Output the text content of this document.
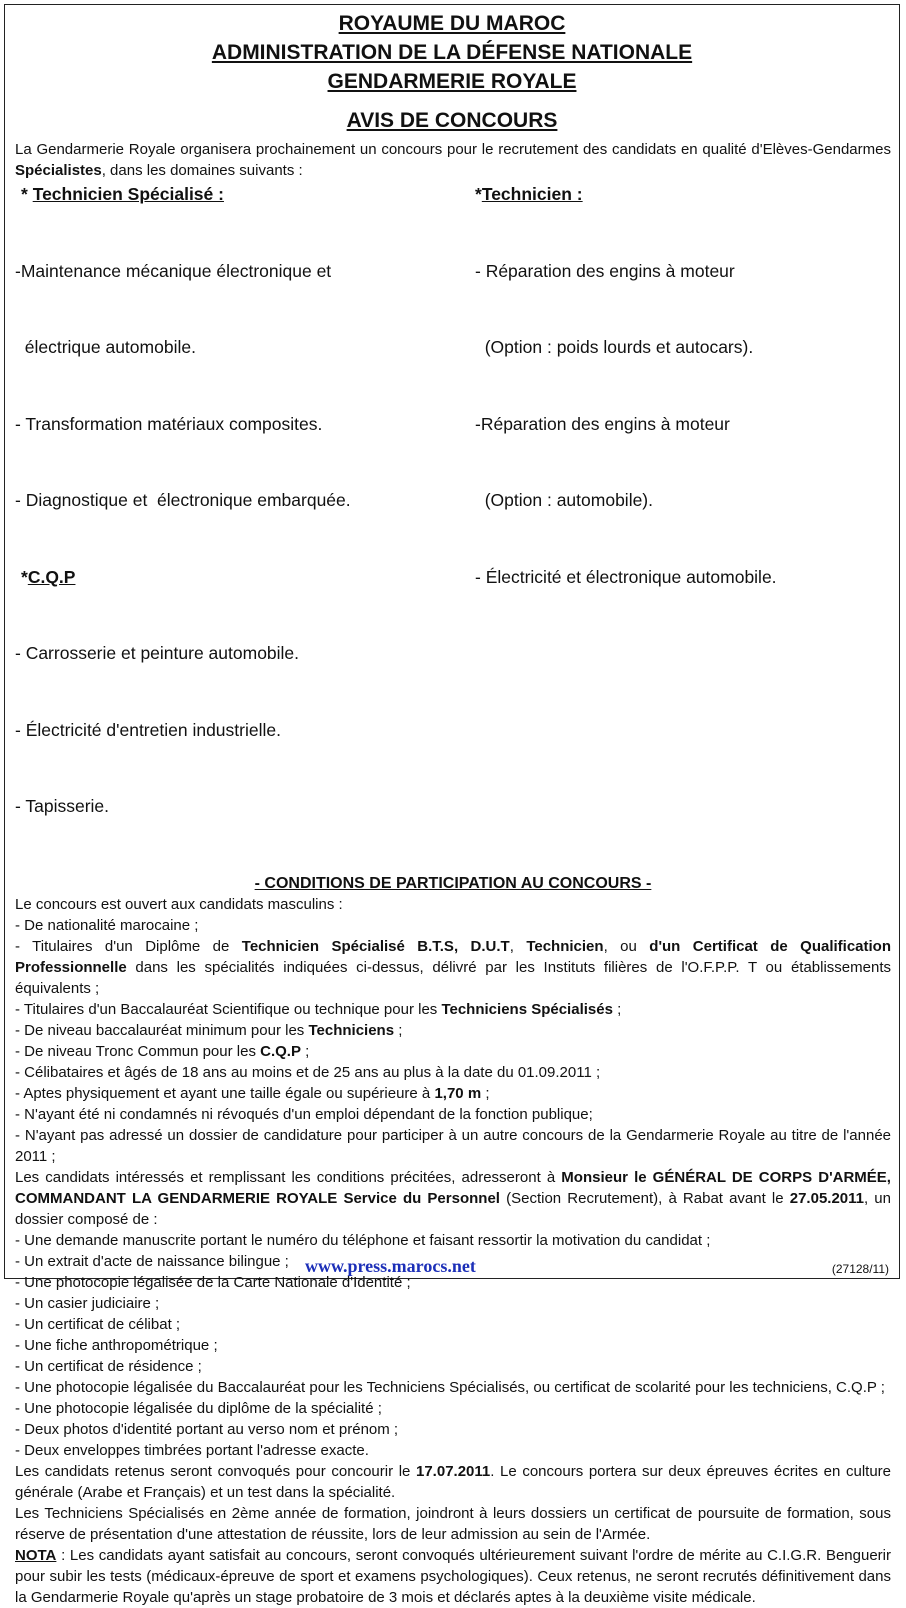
ROYAUME DU MAROC
ADMINISTRATION DE LA DÉFENSE NATIONALE
GENDARMERIE ROYALE
AVIS DE CONCOURS
La Gendarmerie Royale organisera prochainement un concours pour le recrutement des candidats en qualité d'Elèves-Gendarmes Spécialistes, dans les domaines suivants :
* Technicien Spécialisé :

-Maintenance mécanique électronique et

électrique automobile.

- Transformation matériaux composites.

- Diagnostique et  électronique embarquée.

*C.Q.P

- Carrosserie et peinture automobile.

- Électricité d'entretien industrielle.

- Tapisserie.

*Technicien :

- Réparation des engins à moteur

(Option : poids lourds et autocars).

-Réparation des engins à moteur

(Option : automobile).

- Électricité et électronique automobile.

- CONDITIONS DE PARTICIPATION AU CONCOURS -
Le concours est ouvert aux candidats masculins :
- De nationalité marocaine ;
- Titulaires d'un Diplôme de Technicien Spécialisé B.T.S, D.U.T, Technicien, ou d'un Certificat de Qualification Professionnelle dans les spécialités indiquées ci-dessus, délivré par les Instituts filières de l'O.F.P.P. T ou établissements équivalents ;
- Titulaires d'un Baccalauréat Scientifique ou technique pour les Techniciens Spécialisés ;
- De niveau baccalauréat minimum pour les Techniciens ;
- De niveau Tronc Commun pour les C.Q.P ;
- Célibataires et âgés de 18 ans au moins et de 25 ans au plus à la date du 01.09.2011 ;
- Aptes physiquement et ayant une taille égale ou supérieure à 1,70 m ;
- N'ayant été ni condamnés ni révoqués d'un emploi dépendant de la fonction publique;
- N'ayant pas adressé un dossier de candidature pour participer à un autre concours de la Gendarmerie Royale au titre de l'année 2011 ;
Les candidats intéressés et remplissant les conditions précitées, adresseront à Monsieur le GÉNÉRAL DE CORPS D'ARMÉE, COMMANDANT LA GENDARMERIE ROYALE Service du Personnel (Section Recrutement), à Rabat avant le 27.05.2011, un dossier composé de :
- Une demande manuscrite portant le numéro du téléphone et faisant ressortir la motivation du candidat ;
- Un extrait d'acte de naissance bilingue ;
- Une photocopie légalisée de la Carte Nationale d'Identité ;
- Un casier judiciaire ;
- Un certificat de célibat ;
- Une fiche anthropométrique ;
- Un certificat de résidence ;
- Une photocopie légalisée du Baccalauréat pour les Techniciens Spécialisés, ou certificat de scolarité pour les techniciens, C.Q.P ;
- Une photocopie légalisée du diplôme de la spécialité ;
- Deux photos d'identité portant au verso nom et prénom ;
- Deux enveloppes timbrées portant l'adresse exacte.
Les candidats retenus seront convoqués pour concourir le 17.07.2011. Le concours portera sur deux épreuves écrites en culture générale (Arabe et Français) et un test dans la spécialité.
Les Techniciens Spécialisés en 2ème année de formation, joindront à leurs dossiers un certificat de poursuite de formation, sous réserve de présentation d'une attestation de réussite, lors de leur admission au sein de l'Armée.
NOTA : Les candidats ayant satisfait au concours, seront convoqués ultérieurement suivant l'ordre de mérite au C.I.G.R. Benguerir pour subir les tests (médicaux-épreuve de sport et examens psychologiques). Ceux retenus, ne seront recrutés définitivement dans la Gendarmerie Royale qu'après un stage probatoire de 3 mois et déclarés aptes à la deuxième visite médicale.
www.press.marocs.net	(27128/11)
